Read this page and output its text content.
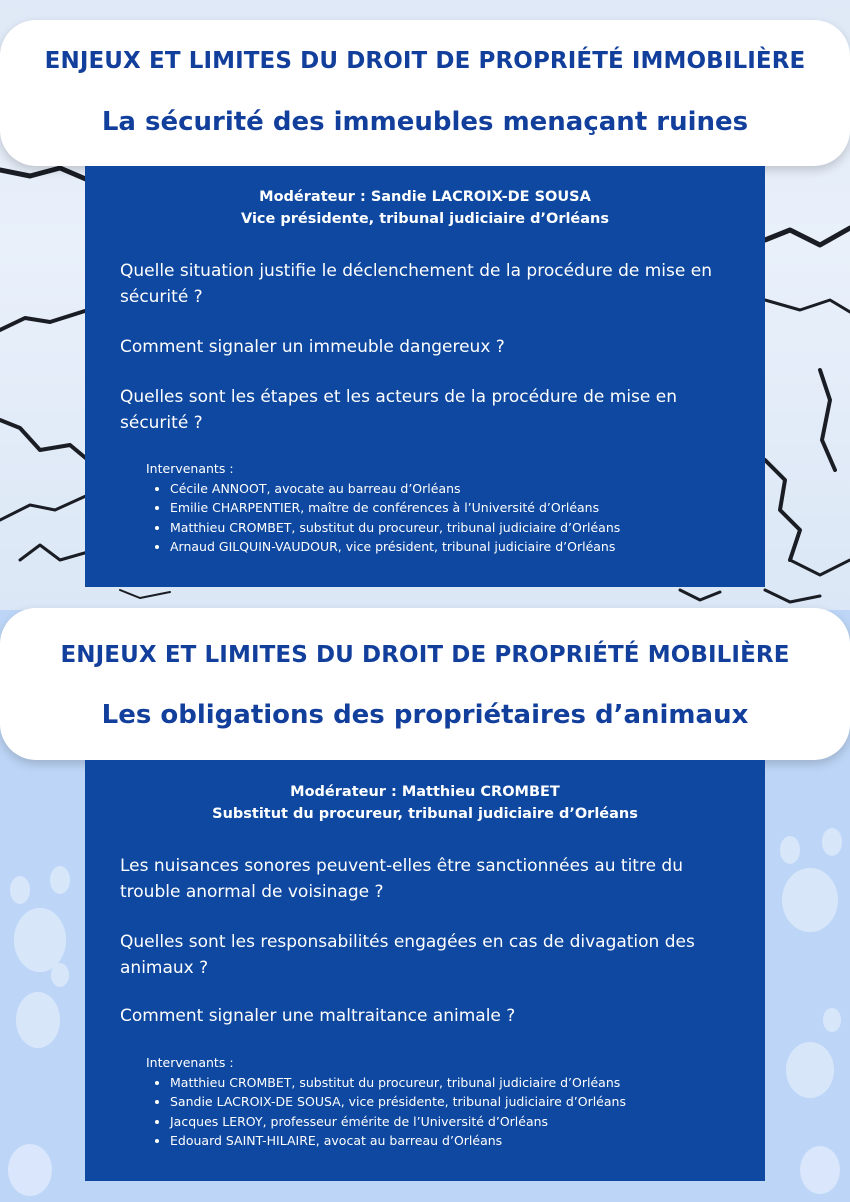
ENJEUX ET LIMITES DU DROIT DE PROPRIÉTÉ IMMOBILIÈRE
La sécurité des immeubles menaçant ruines
Modérateur : Sandie LACROIX-DE SOUSA
Vice présidente, tribunal judiciaire d’Orléans

Quelle situation justifie le déclenchement de la procédure de mise en sécurité ?

Comment signaler un immeuble dangereux ?

Quelles sont les étapes et les acteurs de la procédure de mise en sécurité ?

Intervenants :
• Cécile ANNOOT, avocate au barreau d’Orléans
• Emilie CHARPENTIER, maître de conférences à l’Université d’Orléans
• Matthieu CROMBET, substitut du procureur, tribunal judiciaire d’Orléans
• Arnaud GILQUIN-VAUDOUR, vice président, tribunal judiciaire d’Orléans
ENJEUX ET LIMITES DU DROIT DE PROPRIÉTÉ MOBILIÈRE
Les obligations des propriétaires d’animaux
Modérateur : Matthieu CROMBET
Substitut du procureur, tribunal judiciaire d’Orléans

Les nuisances sonores peuvent-elles être sanctionnées au titre du trouble anormal de voisinage ?

Quelles sont les responsabilités engagées en cas de divagation des animaux ?

Comment signaler une maltraitance animale ?

Intervenants :
• Matthieu CROMBET, substitut du procureur, tribunal judiciaire d’Orléans
• Sandie LACROIX-DE SOUSA, vice présidente, tribunal judiciaire d’Orléans
• Jacques LEROY, professeur émérite de l’Université d’Orléans
• Edouard SAINT-HILAIRE, avocat au barreau d’Orléans
